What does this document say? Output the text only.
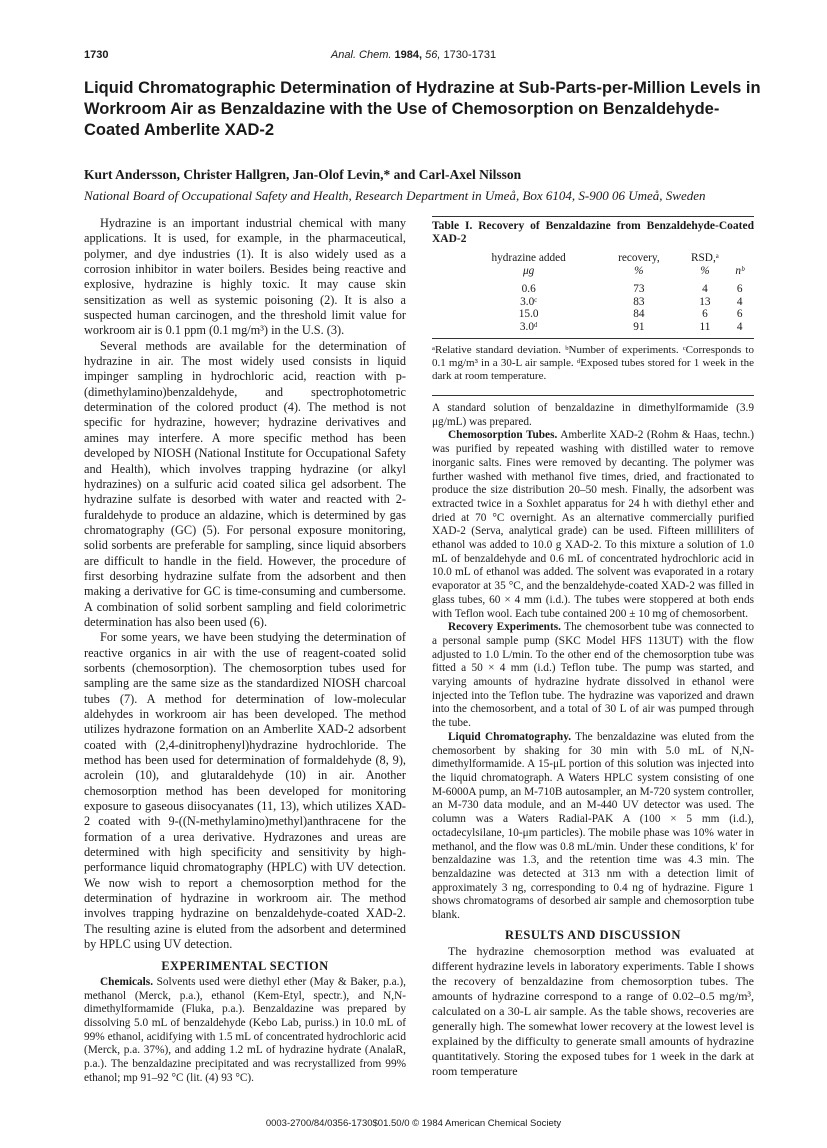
1730	Anal. Chem. 1984, 56, 1730-1731
Liquid Chromatographic Determination of Hydrazine at Sub-Parts-per-Million Levels in Workroom Air as Benzaldazine with the Use of Chemosorption on Benzaldehyde-Coated Amberlite XAD-2
Kurt Andersson, Christer Hallgren, Jan-Olof Levin,* and Carl-Axel Nilsson
National Board of Occupational Safety and Health, Research Department in Umeå, Box 6104, S-900 06 Umeå, Sweden

Hydrazine is an important industrial chemical with many applications. It is used, for example, in the pharmaceutical, polymer, and dye industries (1). It is also widely used as a corrosion inhibitor in water boilers. Besides being reactive and explosive, hydrazine is highly toxic. It may cause skin sensitization as well as systemic poisoning (2). It is also a suspected human carcinogen, and the threshold limit value for workroom air is 0.1 ppm (0.1 mg/m³) in the U.S. (3).

Several methods are available for the determination of hydrazine in air. The most widely used consists in liquid impinger sampling in hydrochloric acid, reaction with p-(dimethylamino)benzaldehyde, and spectrophotometric determination of the colored product (4). The method is not specific for hydrazine, however; hydrazine derivatives and amines may interfere. A more specific method has been developed by NIOSH (National Institute for Occupational Safety and Health), which involves trapping hydrazine (or alkyl hydrazines) on a sulfuric acid coated silica gel adsorbent. The hydrazine sulfate is desorbed with water and reacted with 2-furaldehyde to produce an aldazine, which is determined by gas chromatography (GC) (5). For personal exposure monitoring, solid sorbents are preferable for sampling, since liquid absorbers are difficult to handle in the field. However, the procedure of first desorbing hydrazine sulfate from the adsorbent and then making a derivative for GC is time-consuming and cumbersome. A combination of solid sorbent sampling and field colorimetric determination has also been used (6).

For some years, we have been studying the determination of reactive organics in air with the use of reagent-coated solid sorbents (chemosorption). The chemosorption tubes used for sampling are the same size as the standardized NIOSH charcoal tubes (7). A method for determination of low-molecular aldehydes in workroom air has been developed. The method utilizes hydrazone formation on an Amberlite XAD-2 adsorbent coated with (2,4-dinitrophenyl)hydrazine hydrochloride. The method has been used for determination of formaldehyde (8, 9), acrolein (10), and glutaraldehyde (10) in air. Another chemosorption method has been developed for monitoring exposure to gaseous diisocyanates (11, 13), which utilizes XAD-2 coated with 9-((N-methylamino)methyl)anthracene for the formation of a urea derivative. Hydrazones and ureas are determined with high specificity and sensitivity by high-performance liquid chromatography (HPLC) with UV detection. We now wish to report a chemosorption method for the determination of hydrazine in workroom air. The method involves trapping hydrazine on benzaldehyde-coated XAD-2. The resulting azine is eluted from the adsorbent and determined by HPLC using UV detection.

EXPERIMENTAL SECTION

Chemicals. Solvents used were diethyl ether (May & Baker, p.a.), methanol (Merck, p.a.), ethanol (Kem-Etyl, spectr.), and N,N-dimethylformamide (Fluka, p.a.). Benzaldazine was prepared by dissolving 5.0 mL of benzaldehyde (Kebo Lab, puriss.) in 10.0 mL of 99% ethanol, acidifying with 1.5 mL of concentrated hydrochloric acid (Merck, p.a. 37%), and adding 1.2 mL of hydrazine hydrate (AnalaR, p.a.). The benzaldazine precipitated and was recrystallized from 99% ethanol; mp 91–92 °C (lit. (4) 93 °C).

Table I. Recovery of Benzaldazine from Benzaldehyde-Coated XAD-2
hydrazine added	recovery,	RSD,ᵃ	
μg	%	%	nᵇ

0.6	73	4	6
3.0ᶜ	83	13	4
15.0	84	6	6
3.0ᵈ	91	11	4
ᵃRelative standard deviation. ᵇNumber of experiments. ᶜCorresponds to 0.1 mg/m³ in a 30-L air sample. ᵈExposed tubes stored for 1 week in the dark at room temperature.

A standard solution of benzaldazine in dimethylformamide (3.9 μg/mL) was prepared.

Chemosorption Tubes. Amberlite XAD-2 (Rohm & Haas, techn.) was purified by repeated washing with distilled water to remove inorganic salts. Fines were removed by decanting. The polymer was further washed with methanol five times, dried, and fractionated to produce the size distribution 20–50 mesh. Finally, the adsorbent was extracted twice in a Soxhlet apparatus for 24 h with diethyl ether and dried at 70 °C overnight. As an alternative commercially purified XAD-2 (Serva, analytical grade) can be used. Fifteen milliliters of ethanol was added to 10.0 g XAD-2. To this mixture a solution of 1.0 mL of benzaldehyde and 0.6 mL of concentrated hydrochloric acid in 10.0 mL of ethanol was added. The solvent was evaporated in a rotary evaporator at 35 °C, and the benzaldehyde-coated XAD-2 was filled in glass tubes, 60 × 4 mm (i.d.). The tubes were stoppered at both ends with Teflon wool. Each tube contained 200 ± 10 mg of chemosorbent.

Recovery Experiments. The chemosorbent tube was connected to a personal sample pump (SKC Model HFS 113UT) with the flow adjusted to 1.0 L/min. To the other end of the chemosorption tube was fitted a 50 × 4 mm (i.d.) Teflon tube. The pump was started, and varying amounts of hydrazine hydrate dissolved in ethanol were injected into the Teflon tube. The hydrazine was vaporized and drawn into the chemosorbent, and a total of 30 L of air was pumped through the tube.

Liquid Chromatography. The benzaldazine was eluted from the chemosorbent by shaking for 30 min with 5.0 mL of N,N-dimethylformamide. A 15-μL portion of this solution was injected into the liquid chromatograph. A Waters HPLC system consisting of one M-6000A pump, an M-710B autosampler, an M-720 system controller, an M-730 data module, and an M-440 UV detector was used. The column was a Waters Radial-PAK A (100 × 5 mm (i.d.), octadecylsilane, 10-μm particles). The mobile phase was 10% water in methanol, and the flow was 0.8 mL/min. Under these conditions, k′ for benzaldazine was 1.3, and the retention time was 4.3 min. The benzaldazine was detected at 313 nm with a detection limit of approximately 3 ng, corresponding to 0.4 ng of hydrazine. Figure 1 shows chromatograms of desorbed air sample and chemosorption tube blank.

RESULTS AND DISCUSSION

The hydrazine chemosorption method was evaluated at different hydrazine levels in laboratory experiments. Table I shows the recovery of benzaldazine from chemosorption tubes. The amounts of hydrazine correspond to a range of 0.02–0.5 mg/m³, calculated on a 30-L air sample. As the table shows, recoveries are generally high. The somewhat lower recovery at the lowest level is explained by the difficulty to generate small amounts of hydrazine quantitatively. Storing the exposed tubes for 1 week in the dark at room temperature

0003-2700/84/0356-1730$01.50/0 © 1984 American Chemical Society
